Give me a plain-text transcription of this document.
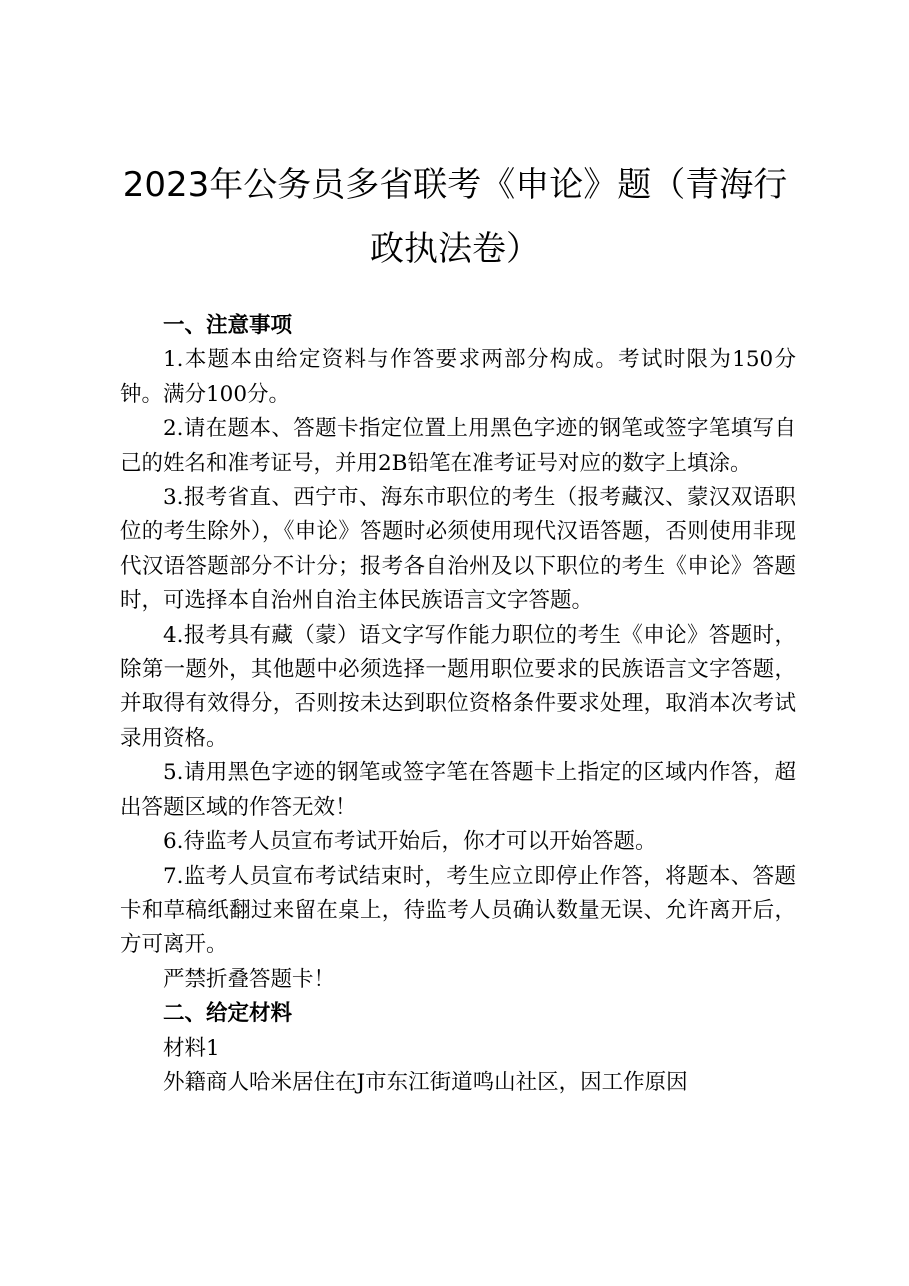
2023年公务员多省联考《申论》题（青海行
政执法卷）

一、注意事项

1.本题本由给定资料与作答要求两部分构成。考试时限为150分钟。满分100分。

2.请在题本、答题卡指定位置上用黑色字迹的钢笔或签字笔填写自己的姓名和准考证号，并用2B铅笔在准考证号对应的数字上填涂。

3.报考省直、西宁市、海东市职位的考生（报考藏汉、蒙汉双语职位的考生除外），《申论》答题时必须使用现代汉语答题，否则使用非现代汉语答题部分不计分；报考各自治州及以下职位的考生《申论》答题时，可选择本自治州自治主体民族语言文字答题。

4.报考具有藏（蒙）语文字写作能力职位的考生《申论》答题时，除第一题外，其他题中必须选择一题用职位要求的民族语言文字答题，并取得有效得分，否则按未达到职位资格条件要求处理，取消本次考试录用资格。

5.请用黑色字迹的钢笔或签字笔在答题卡上指定的区域内作答，超出答题区域的作答无效！

6.待监考人员宣布考试开始后，你才可以开始答题。

7.监考人员宣布考试结束时，考生应立即停止作答，将题本、答题卡和草稿纸翻过来留在桌上，待监考人员确认数量无误、允许离开后，方可离开。

严禁折叠答题卡！

二、给定材料

材料1

外籍商人哈米居住在J市东江街道鸣山社区，因工作原因
